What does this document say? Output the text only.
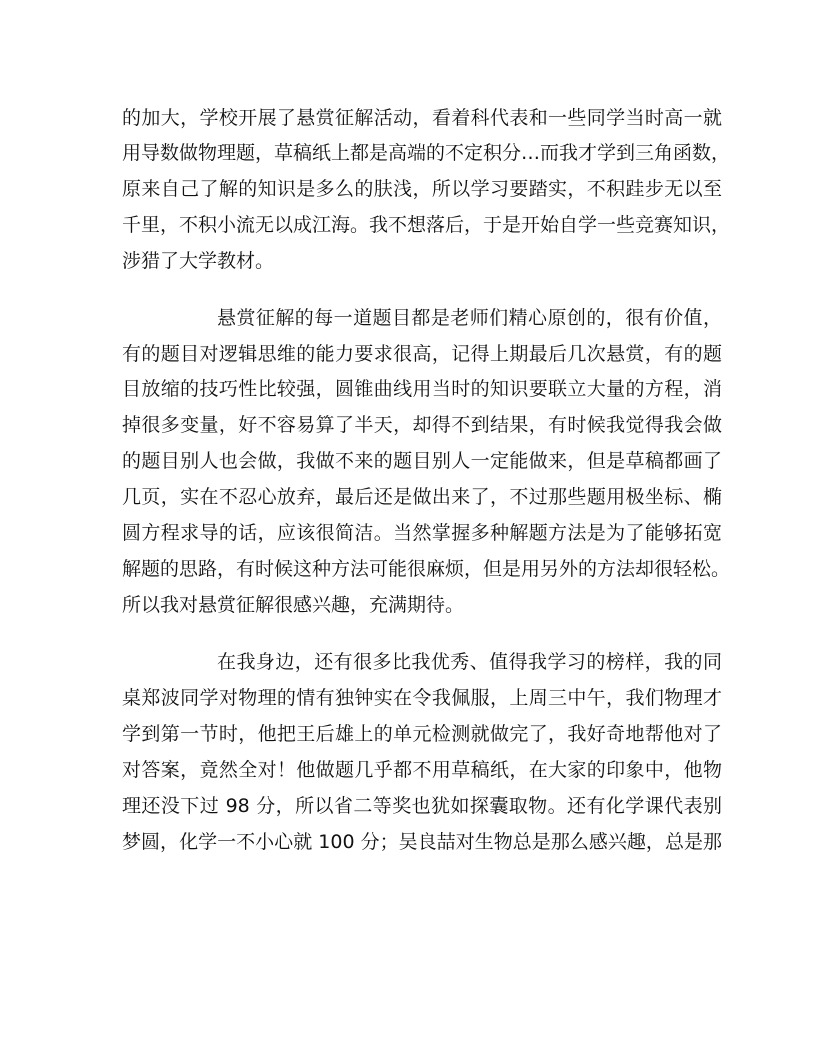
的加大，学校开展了悬赏征解活动，看着科代表和一些同学当时高一就
用导数做物理题，草稿纸上都是高端的不定积分…而我才学到三角函数，
原来自己了解的知识是多么的肤浅，所以学习要踏实，不积跬步无以至
千里，不积小流无以成江海。我不想落后，于是开始自学一些竞赛知识，
涉猎了大学教材。
悬赏征解的每一道题目都是老师们精心原创的，很有价值，
有的题目对逻辑思维的能力要求很高，记得上期最后几次悬赏，有的题
目放缩的技巧性比较强，圆锥曲线用当时的知识要联立大量的方程，消
掉很多变量，好不容易算了半天，却得不到结果，有时候我觉得我会做
的题目别人也会做，我做不来的题目别人一定能做来，但是草稿都画了
几页，实在不忍心放弃，最后还是做出来了，不过那些题用极坐标、椭
圆方程求导的话，应该很简洁。当然掌握多种解题方法是为了能够拓宽
解题的思路，有时候这种方法可能很麻烦，但是用另外的方法却很轻松。
所以我对悬赏征解很感兴趣，充满期待。
在我身边，还有很多比我优秀、值得我学习的榜样，我的同
桌郑波同学对物理的情有独钟实在令我佩服，上周三中午，我们物理才
学到第一节时，他把王后雄上的单元检测就做完了，我好奇地帮他对了
对答案，竟然全对！他做题几乎都不用草稿纸，在大家的印象中，他物
理还没下过 98 分，所以省二等奖也犹如探囊取物。还有化学课代表别
梦圆，化学一不小心就 100 分；吴良喆对生物总是那么感兴趣，总是那
